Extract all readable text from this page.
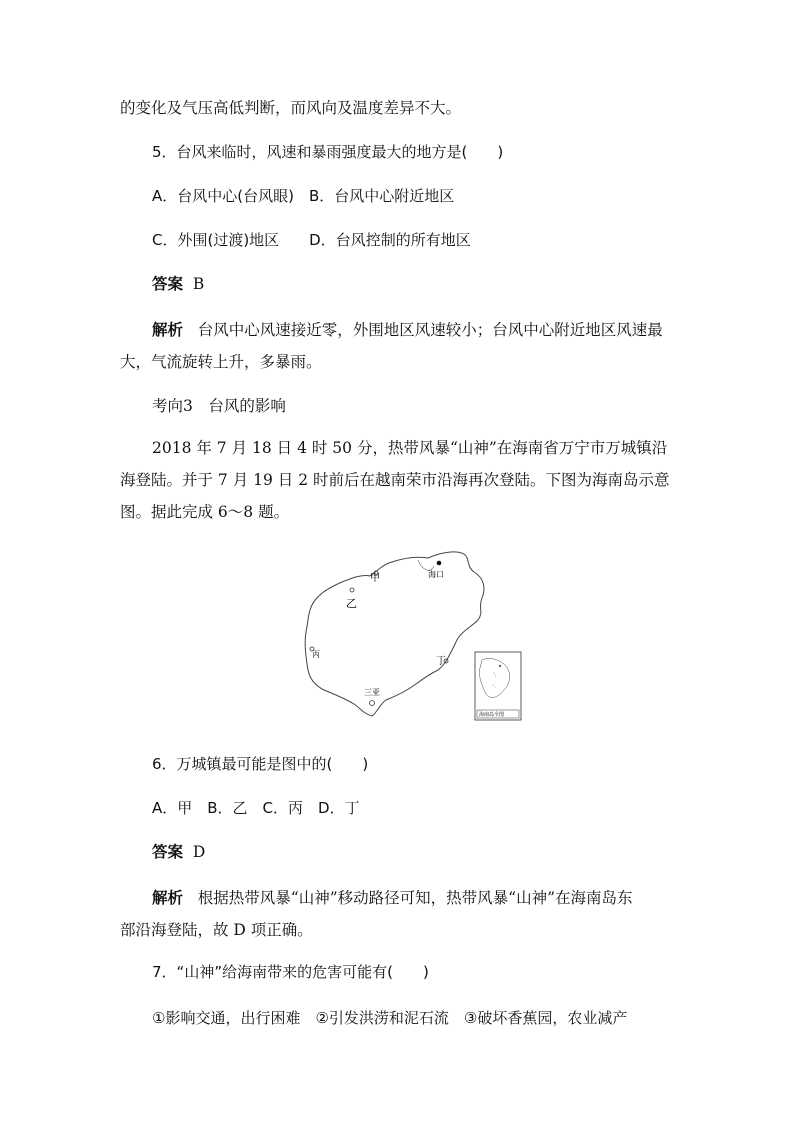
的变化及气压高低判断，而风向及温度差异不大。
5．台风来临时，风速和暴雨强度最大的地方是(　　)
A．台风中心(台风眼)　B．台风中心附近地区
C．外围(过渡)地区　　D．台风控制的所有地区
答案 B
解析 台风中心风速接近零，外围地区风速较小；台风中心附近地区风速最
大，气流旋转上升，多暴雨。
考向3　台风的影响
2018 年 7 月 18 日 4 时 50 分，热带风暴“山神”在海南省万宁市万城镇沿
海登陆。并于 7 月 19 日 2 时前后在越南荣市沿海再次登陆。下图为海南岛示意
图。据此完成 6～8 题。
海口
甲
乙
丙
丁
三亚
海南岛全图
6．万城镇最可能是图中的(　　)
A．甲　B．乙　C．丙　D．丁
答案 D
解析 根据热带风暴“山神”移动路径可知，热带风暴“山神”在海南岛东
部沿海登陆，故 D 项正确。
7．“山神”给海南带来的危害可能有(　　)
①影响交通，出行困难　②引发洪涝和泥石流　③破坏香蕉园，农业减产
